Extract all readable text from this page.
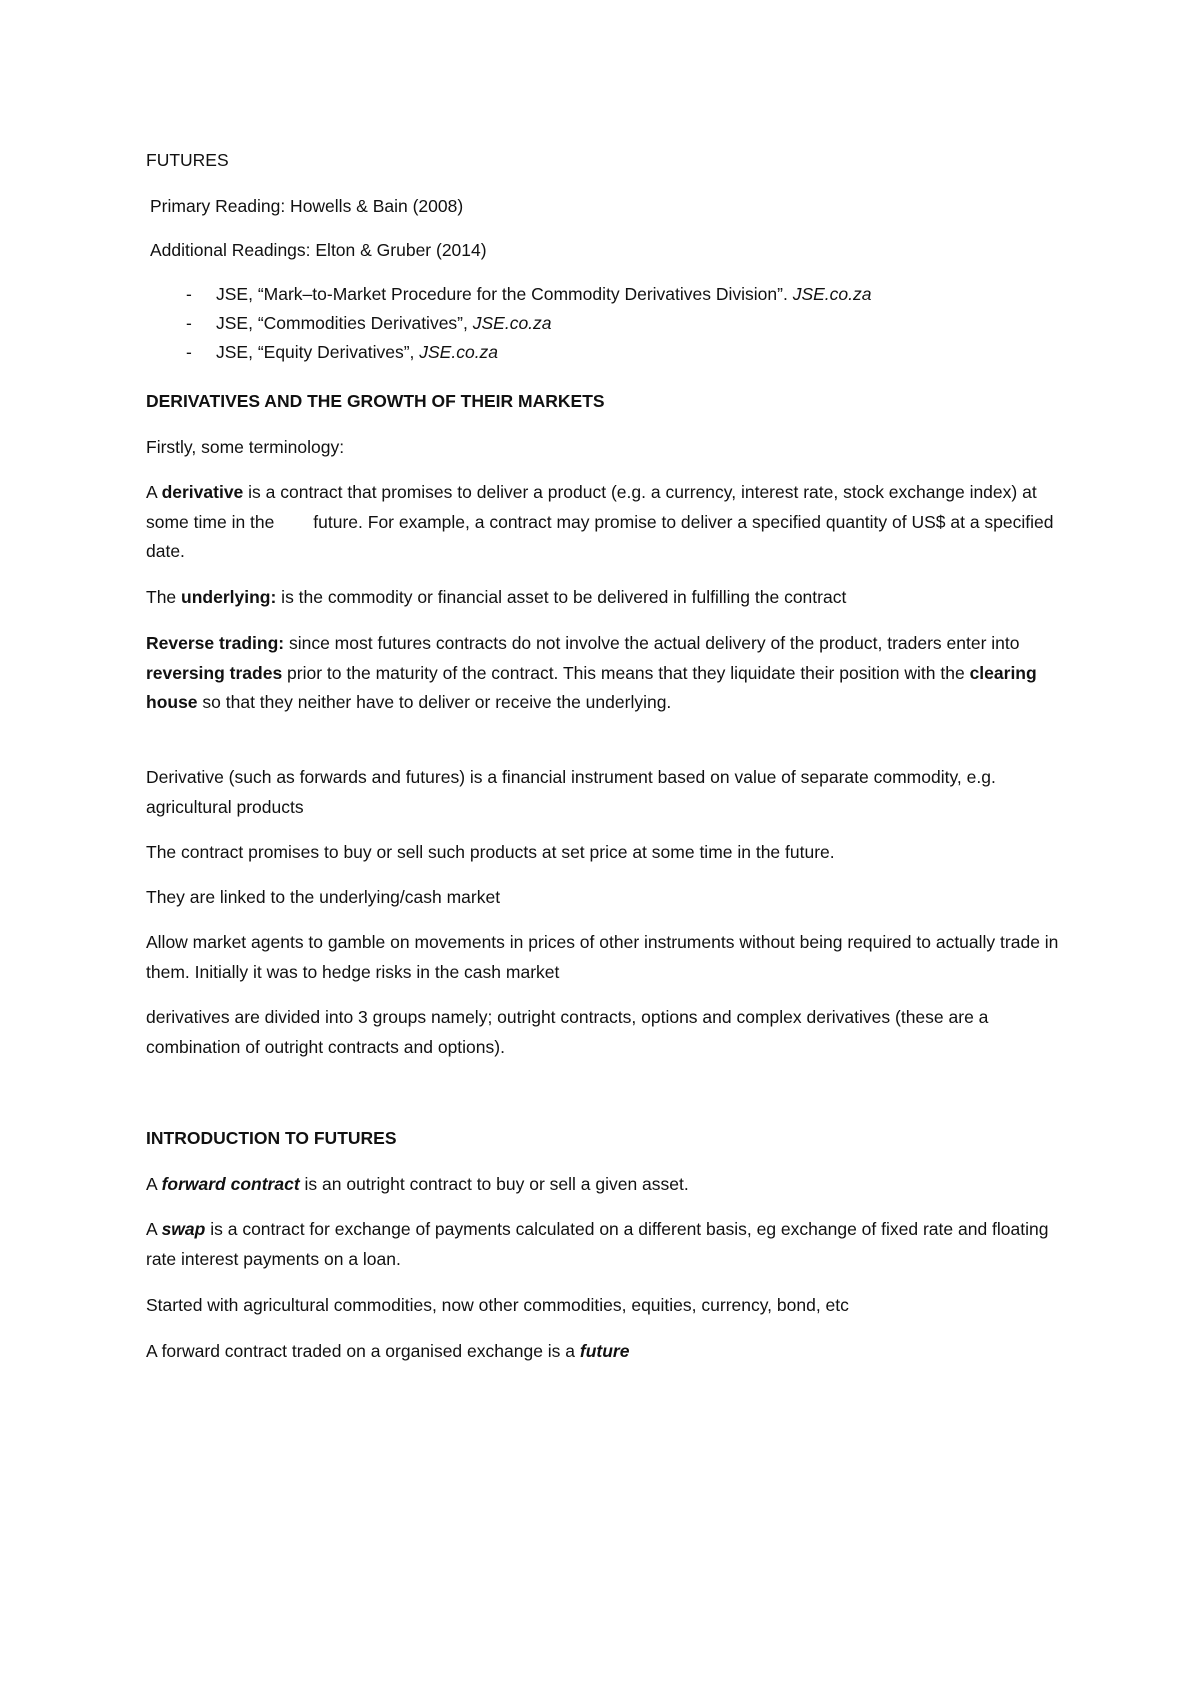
FUTURES

Primary Reading: Howells & Bain (2008)

Additional Readings: Elton & Gruber (2014)

- JSE, “Mark–to-Market Procedure for the Commodity Derivatives Division”. JSE.co.za
- JSE, “Commodities Derivatives”, JSE.co.za
- JSE, “Equity Derivatives”, JSE.co.za

DERIVATIVES AND THE GROWTH OF THEIR MARKETS

Firstly, some terminology:

A derivative is a contract that promises to deliver a product (e.g. a currency, interest rate, stock exchange index) at some time in the        future. For example, a contract may promise to deliver a specified quantity of US$ at a specified date.

The underlying: is the commodity or financial asset to be delivered in fulfilling the contract

Reverse trading: since most futures contracts do not involve the actual delivery of the product, traders enter into reversing trades prior to the maturity of the contract. This means that they liquidate their position with the clearing house so that they neither have to deliver or receive the underlying.

Derivative (such as forwards and futures) is a financial instrument based on value of separate commodity, e.g. agricultural products

The contract promises to buy or sell such products at set price at some time in the future.

They are linked to the underlying/cash market

Allow market agents to gamble on movements in prices of other instruments without being required to actually trade in them. Initially it was to hedge risks in the cash market

derivatives are divided into 3 groups namely; outright contracts, options and complex derivatives (these are a combination of outright contracts and options).

INTRODUCTION TO FUTURES

A forward contract is an outright contract to buy or sell a given asset.

A swap is a contract for exchange of payments calculated on a different basis, eg exchange of fixed rate and floating rate interest payments on a loan.

Started with agricultural commodities, now other commodities, equities, currency, bond, etc

A forward contract traded on a organised exchange is a future
